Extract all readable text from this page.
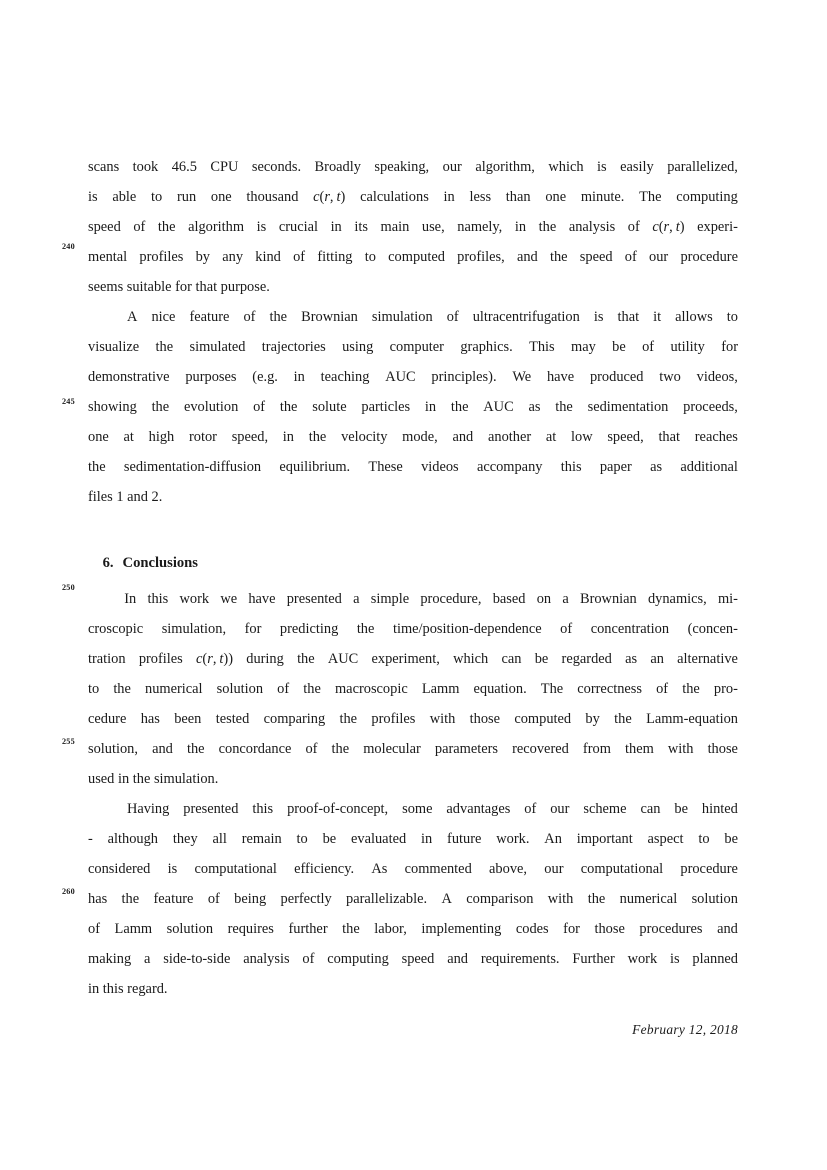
240
245
250
255
260
scans took 46.5 CPU seconds. Broadly speaking, our algorithm, which is easily parallelized,
is able to run one thousand c(r, t) calculations in less than one minute. The computing
speed of the algorithm is crucial in its main use, namely, in the analysis of c(r, t) experi-
mental profiles by any kind of fitting to computed profiles, and the speed of our procedure
seems suitable for that purpose.

A nice feature of the Brownian simulation of ultracentrifugation is that it allows to
visualize the simulated trajectories using computer graphics. This may be of utility for
demonstrative purposes (e.g. in teaching AUC principles). We have produced two videos,
showing the evolution of the solute particles in the AUC as the sedimentation proceeds,
one at high rotor speed, in the velocity mode, and another at low speed, that reaches
the sedimentation-diffusion equilibrium. These videos accompany this paper as additional
files 1 and 2.

In this work we have presented a simple procedure, based on a Brownian dynamics, mi-
croscopic simulation, for predicting the time/position-dependence of concentration (concen-
tration profiles c(r, t)) during the AUC experiment, which can be regarded as an alternative
to the numerical solution of the macroscopic Lamm equation. The correctness of the pro-
cedure has been tested comparing the profiles with those computed by the Lamm-equation
solution, and the concordance of the molecular parameters recovered from them with those
used in the simulation.

Having presented this proof-of-concept, some advantages of our scheme can be hinted
- although they all remain to be evaluated in future work. An important aspect to be
considered is computational efficiency. As commented above, our computational procedure
has the feature of being perfectly parallelizable. A comparison with the numerical solution
of Lamm solution requires further the labor, implementing codes for those procedures and
making a side-to-side analysis of computing speed and requirements. Further work is planned
in this regard.

6. Conclusions

February 12, 2018
